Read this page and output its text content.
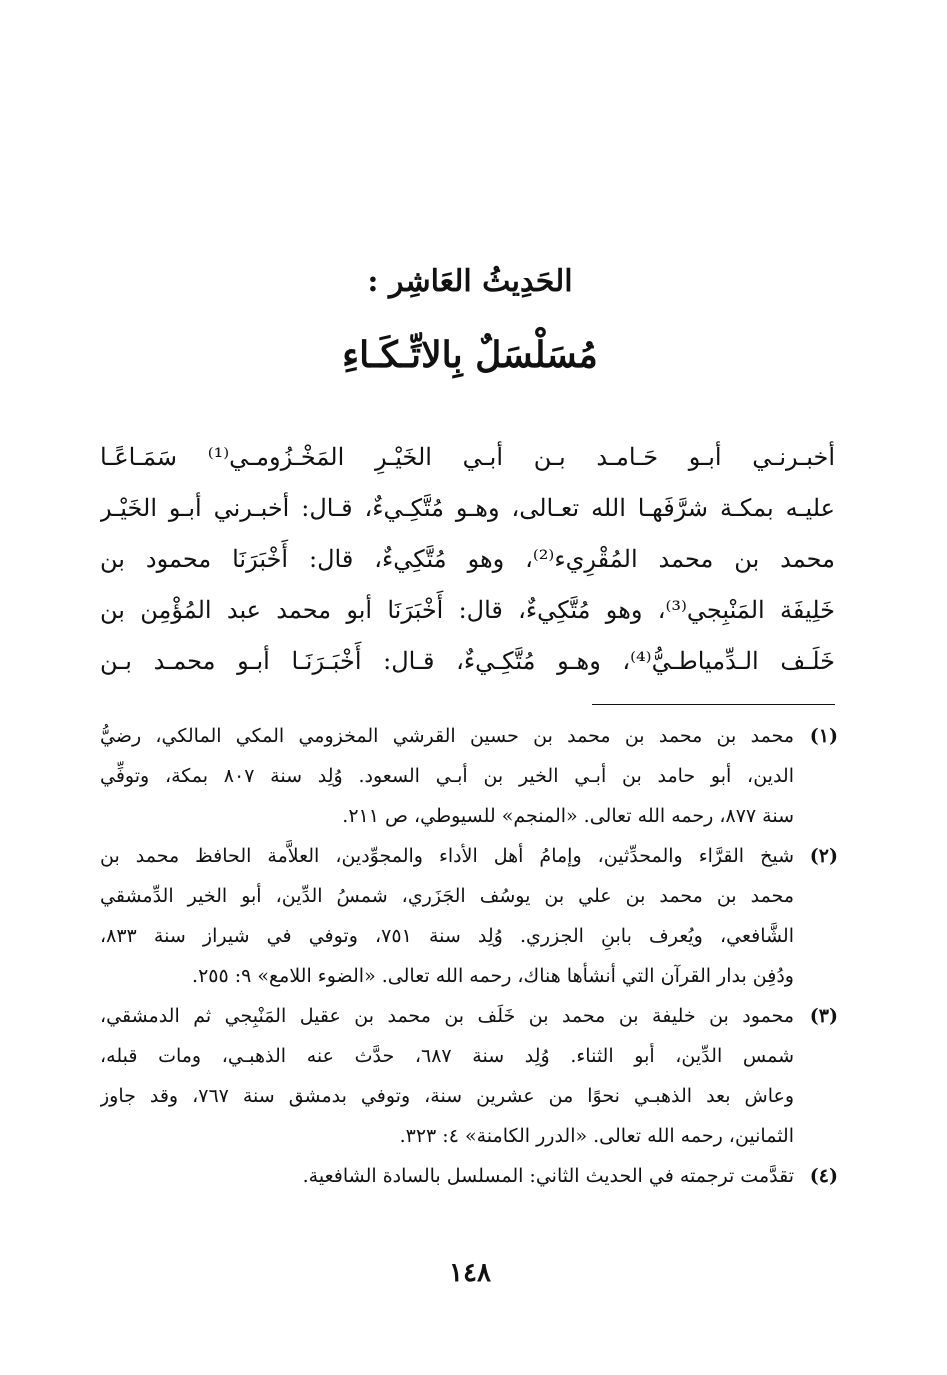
الحَدِيثُ العَاشِر :
مُسَلْسَلٌ بِالاتِّـكَـاءِ
أخبـرنـي أبـو حَـامـد بـن أبـي الخَيْـرِ المَخْـزُومـي⁽¹⁾ سَمَـاعًـا
عليـه بمكـة شرَّفَهـا الله تعـالى، وهـو مُتَّكِـيءٌ، قـال: أخبـرني أبـو الخَيْـر
محمد بن محمد المُقْرِيء⁽²⁾، وهو مُتَّكِيءٌ، قال: أَخْبَرَنَا محمود بن
خَلِيفَة المَنْبِجي⁽³⁾، وهو مُتَّكِيءٌ، قال: أَخْبَرَنَا أبو محمد عبد المُؤْمِن بن
خَلَـف الـدِّمياطـيُّ⁽⁴⁾، وهـو مُتَّكِـيءٌ، قـال: أَخْبَـرَنَـا أبـو محمـد بـن
(١)
محمد بن محمد بن محمد بن حسين القرشي المخزومي المكي المالكي، رضيُّ
الدين، أبو حامد بن أبـي الخير بن أبـي السعود. وُلِد سنة ٨٠٧ بمكة، وتوفِّي
سنة ٨٧٧، رحمه الله تعالى. «المنجم» للسيوطي، ص ٢١١.
(٢)
شيخ القرَّاء والمحدِّثين، وإمامُ أهل الأداء والمجوِّدين، العلاَّمة الحافظ محمد بن
محمد بن محمد بن علي بن يوسُف الجَزَري، شمسُ الدِّين، أبو الخير الدِّمشقي
الشَّافعي، ويُعرف بابنِ الجزري. وُلِد سنة ٧٥١، وتوفي في شيراز سنة ٨٣٣،
ودُفِن بدار القرآن التي أنشأها هناك، رحمه الله تعالى. «الضوء اللامع» ٩: ٢٥٥.
(٣)
محمود بن خليفة بن محمد بن خَلَف بن محمد بن عقيل المَنْبِجي ثم الدمشقي،
شمس الدِّين، أبو الثناء. وُلِد سنة ٦٨٧، حدَّث عنه الذهبـي، ومات قبله،
وعاش بعد الذهبـي نحوًا من عشرين سنة، وتوفي بدمشق سنة ٧٦٧، وقد جاوز
الثمانين، رحمه الله تعالى. «الدرر الكامنة» ٤: ٣٢٣.
(٤)
تقدَّمت ترجمته في الحديث الثاني: المسلسل بالسادة الشافعية.
١٤٨
